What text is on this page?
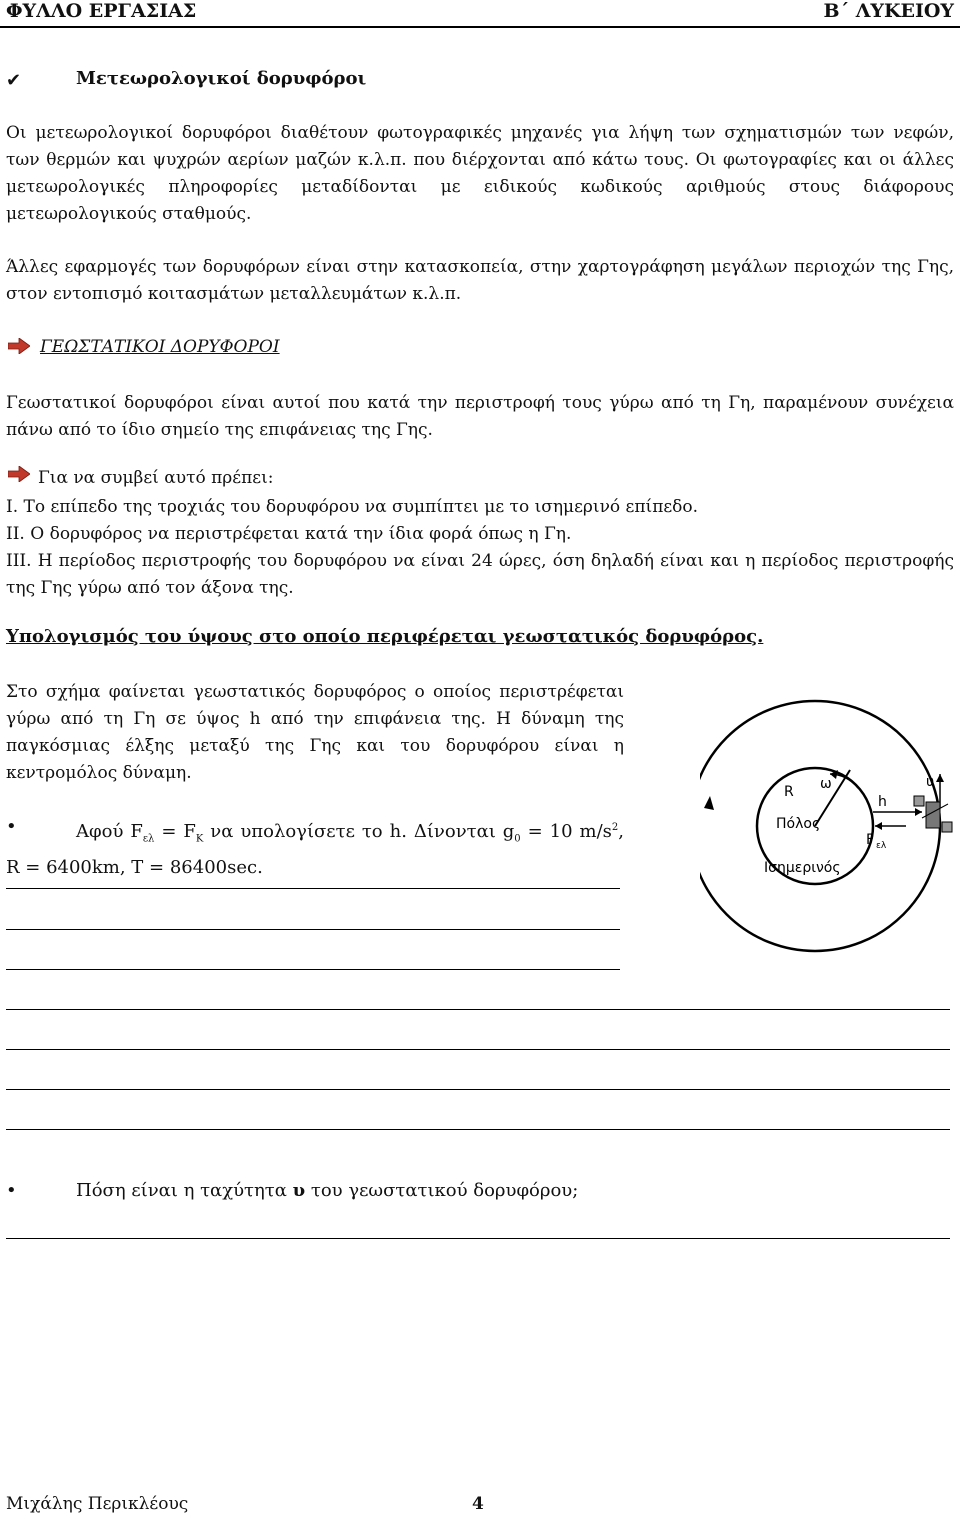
ΦΥΛΛΟ ΕΡΓΑΣΙΑΣ	Β΄ ΛΥΚΕΙΟΥ
✔	Μετεωρολογικοί δορυφόροι
Οι μετεωρολογικοί δορυφόροι διαθέτουν φωτογραφικές μηχανές για λήψη των σχηματισμών των νεφών, των θερμών και ψυχρών αερίων μαζών κ.λ.π. που διέρχονται από κάτω τους. Οι φωτογραφίες και οι άλλες μετεωρολογικές πληροφορίες μεταδίδονται με ειδικούς κωδικούς αριθμούς στους διάφορους μετεωρολογικούς σταθμούς.
Άλλες εφαρμογές των δορυφόρων είναι στην κατασκοπεία, στην χαρτογράφηση μεγάλων περιοχών της Γης, στον εντοπισμό κοιτασμάτων μεταλλευμάτων κ.λ.π.
ΓΕΩΣΤΑΤΙΚΟΙ ΔΟΡΥΦΟΡΟΙ
Γεωστατικοί δορυφόροι είναι αυτοί που κατά την περιστροφή τους γύρω από τη Γη, παραμένουν συνέχεια πάνω από το ίδιο σημείο της επιφάνειας της Γης.
Για να συμβεί αυτό πρέπει:
I. Το επίπεδο της τροχιάς του δορυφόρου να συμπίπτει με το ισημερινό επίπεδο.
II. Ο δορυφόρος να περιστρέφεται κατά την ίδια φορά όπως η Γη.
III. Η περίοδος περιστροφής του δορυφόρου να είναι 24 ώρες, όση δηλαδή είναι και η περίοδος περιστροφής της Γης γύρω από τον άξονα της.
Υπολογισμός του ύψους στο οποίο περιφέρεται γεωστατικός δορυφόρος.
Στο σχήμα φαίνεται γεωστατικός δορυφόρος ο οποίος περιστρέφεται γύρω από τη Γη σε ύψος h από την επιφάνεια της. Η δύναμη της παγκόσμιας έλξης μεταξύ της Γης και του δορυφόρου είναι η κεντρομόλος δύναμη.
•	Αφού $F_{\varepsilon\lambda} = F_K$ να υπολογίσετε το h. Δίνονται $g_0 = 10$ $m/s^2$, R = 6400km, T = 86400sec.
•	Πόση είναι η ταχύτητα υ του γεωστατικού δορυφόρου;
R ω
Πόλος
Ισημερινός
h
υ
F ελ
Μιχάλης Περικλέους	4
